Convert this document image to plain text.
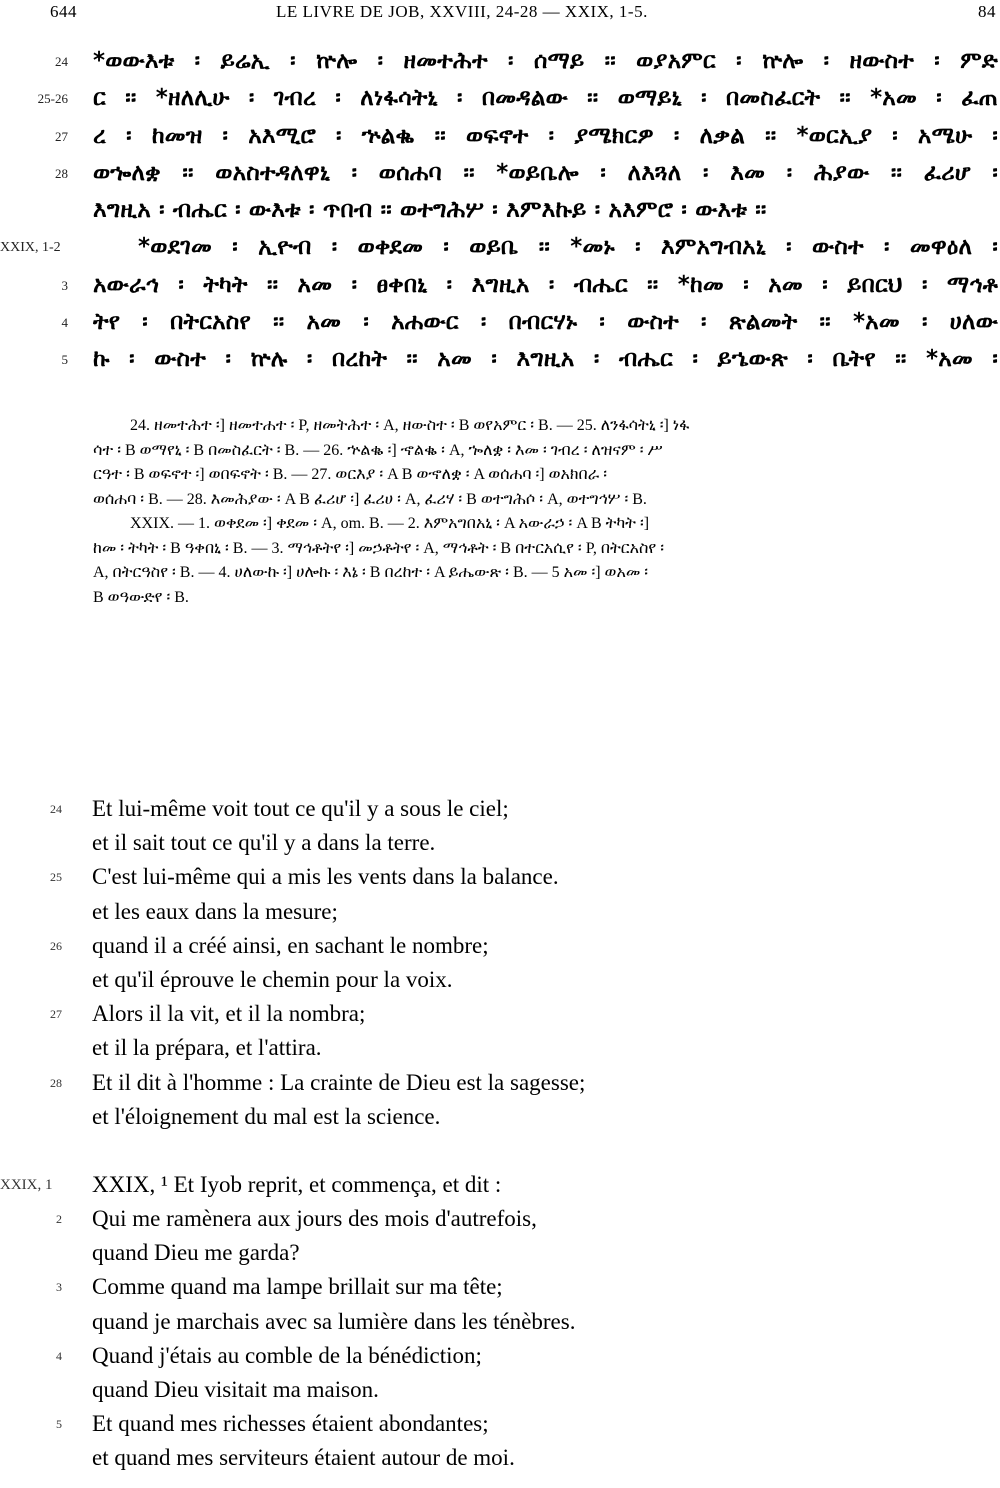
644	LE LIVRE DE JOB, XXVIII, 24-28 — XXIX, 1-5.	84
24 *ወውእቱ ፡ ይሬኢ ፡ ኵሎ ፡ ዘመተሕተ ፡ ሰማይ ፡፡ ወያአምር ፡ ኵሎ ፡ ዘውስተ ፡ ምድ
25-26 ር ፡፡ *ዘለሊሁ ፡ ገብረ ፡ ለነፋሳትኒ ፡ በመዳልው ፡፡ ወማይኒ ፡ በመስፈርት ፡፡ *አመ ፡ ፈጠ
27 ረ ፡ ከመዝ ፡ አእሚሮ ፡ ኍልቈ ፡፡ ወፍኖተ ፡ ያሜክርዎ ፡ ለቃል ፡፡ *ወርኢያ ፡ አሜሁ ፡
28 ወኈለቋ ፡፡ ወአስተዳለዋኒ ፡ ወሰሐባ ፡፡ *ወይቤሎ ፡ ለእጓለ ፡ እመ ፡ ሕያው ፡፡ ፈሪሆ ፡
እግዚአ ፡ ብሔር ፡ ውእቱ ፡ ጥበብ ፡፡ ወተግሕሦ ፡ እምእኩይ ፡ አእምሮ ፡ ውእቱ ፡፡
XXIX, 1-2	*ወደገመ ፡ ኢዮብ ፡ ወቀደመ ፡ ወይቤ ፡፡ *መኑ ፡ እምአግብአኒ ፡ ውስተ ፡ መዋዕለ ፡
3 አውራኅ ፡ ትካት ፡፡ አመ ፡ ፀቀበኒ ፡ እግዚአ ፡ ብሔር ፡፡ *ከመ ፡ አመ ፡ ይበርህ ፡ ማኅቶ
4 ትየ ፡ በትርአስየ ፡፡ አመ ፡ አሐውር ፡ በብርሃኑ ፡ ውስተ ፡ ጽልመት ፡፡ *አመ ፡ ሀለው
5 ኩ ፡ ውስተ ፡ ኵሉ ፡ በረከት ፡፡ አመ ፡ እግዚአ ፡ ብሔር ፡ ይኄውጽ ፡ ቤትየ ፡፡ *አመ ፡
24. ዘመተሕተ ፡] ዘመተሐተ ፡ P, ዘመትሕተ ፡ A, ዘውስተ ፡ B ወየአምር ፡ B. — 25. ለንፋሳትኒ ፡] ነፋ
ሳተ ፡ B ወማየኒ ፡ B በመስፈርት ፡ B. — 26. ኍልቈ ፡] ኆልቈ ፡ A, ኈለቋ ፡ እመ ፡ ገብረ ፡ ለዝናም ፡ ሥ
ርዓተ ፡ B ወፍኖተ ፡] ወበፍኖት ፡ B. — 27. ወርእያ ፡ A B ወኆለቋ ፡ A ወሰሐባ ፡] ወአክበራ ፡
ወሰሐባ ፡ B. — 28. እመሕያው ፡ A B ፈሪሆ ፡] ፈሪሀ ፡ A, ፈሪሃ ፡ B ወተግሕሶ ፡ A, ወተግኅሦ ፡ B.
XXIX. — 1. ወቀደመ ፡] ቀደመ ፡ A, om. B. — 2. እምአግበአኒ ፡ A አውራኃ ፡ A B ትካት ፡]
ከመ ፡ ትካት ፡ B ዓቀበኒ ፡ B. — 3. ማኅቶትየ ፡] መኃቶትየ ፡ A, ማኅቶት ፡ B በተርአሲየ ፡ P, በትርአስየ ፡
A, በትርዓስየ ፡ B. — 4. ሀለውኩ ፡] ሀሎኩ ፡ እኔ ፡ B በረከተ ፡ A ይሔውጽ ፡ B. — 5 አመ ፡] ወአመ ፡
B ወዓውድየ ፡ B.
24 Et lui-même voit tout ce qu'il y a sous le ciel;
et il sait tout ce qu'il y a dans la terre.
25 C'est lui-même qui a mis les vents dans la balance.
et les eaux dans la mesure;
26 quand il a créé ainsi, en sachant le nombre;
et qu'il éprouve le chemin pour la voix.
27 Alors il la vit, et il la nombra;
et il la prépara, et l'attira.
28 Et il dit à l'homme : La crainte de Dieu est la sagesse;
et l'éloignement du mal est la science.
XXIX, 1	XXIX, ¹ Et Iyob reprit, et commença, et dit :
2 Qui me ramènera aux jours des mois d'autrefois,
quand Dieu me garda?
3 Comme quand ma lampe brillait sur ma tête;
quand je marchais avec sa lumière dans les ténèbres.
4 Quand j'étais au comble de la bénédiction;
quand Dieu visitait ma maison.
5 Et quand mes richesses étaient abondantes;
et quand mes serviteurs étaient autour de moi.
